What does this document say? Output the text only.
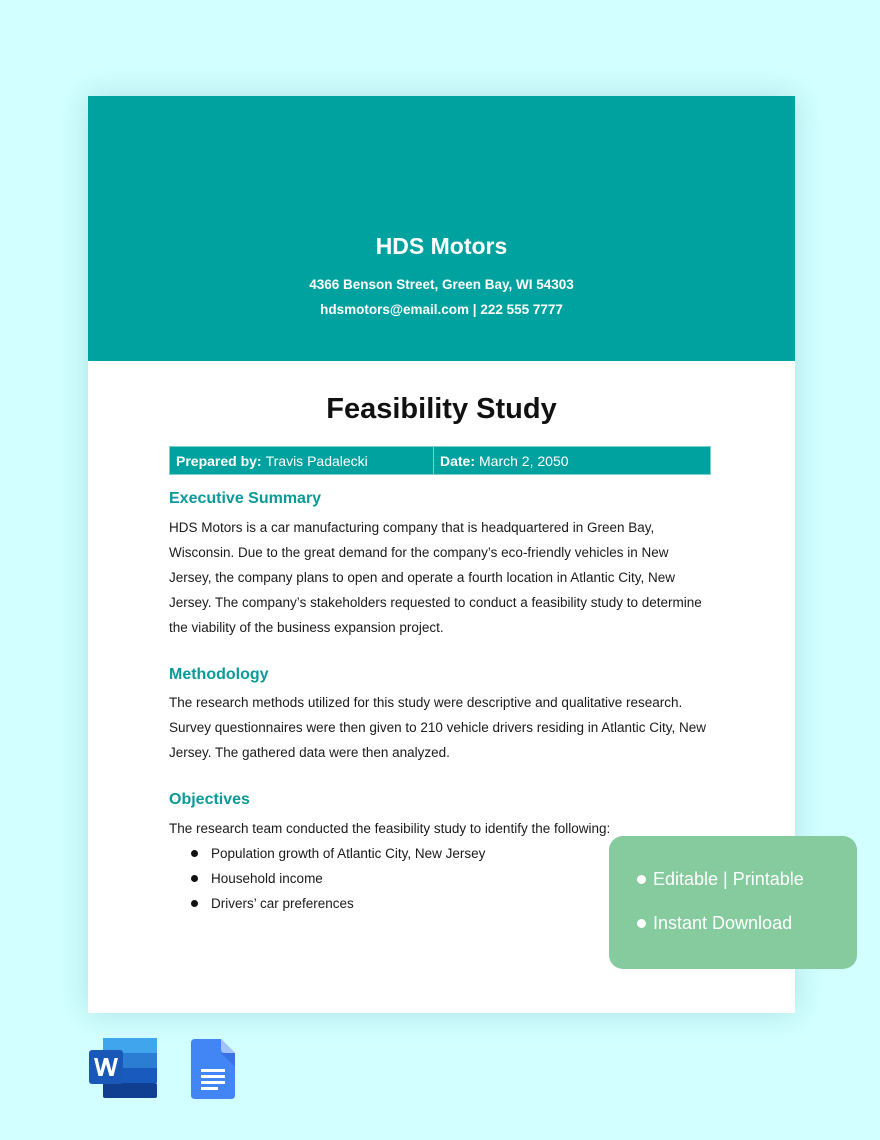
HDS Motors
4366 Benson Street, Green Bay, WI 54303
hdsmotors@email.com | 222 555 7777
Feasibility Study
Prepared by: Travis Padalecki	Date: March 2, 2050
Executive Summary

HDS Motors is a car manufacturing company that is headquartered in Green Bay, Wisconsin. Due to the great demand for the company’s eco-friendly vehicles in New Jersey, the company plans to open and operate a fourth location in Atlantic City, New Jersey. The company’s stakeholders requested to conduct a feasibility study to determine the viability of the business expansion project.

Methodology

The research methods utilized for this study were descriptive and qualitative research. Survey questionnaires were then given to 210 vehicle drivers residing in Atlantic City, New Jersey. The gathered data were then analyzed.

Objectives

The research team conducted the feasibility study to identify the following:

Population growth of Atlantic City, New Jersey
Household income
Drivers’ car preferences
Editable | Printable
Instant Download
